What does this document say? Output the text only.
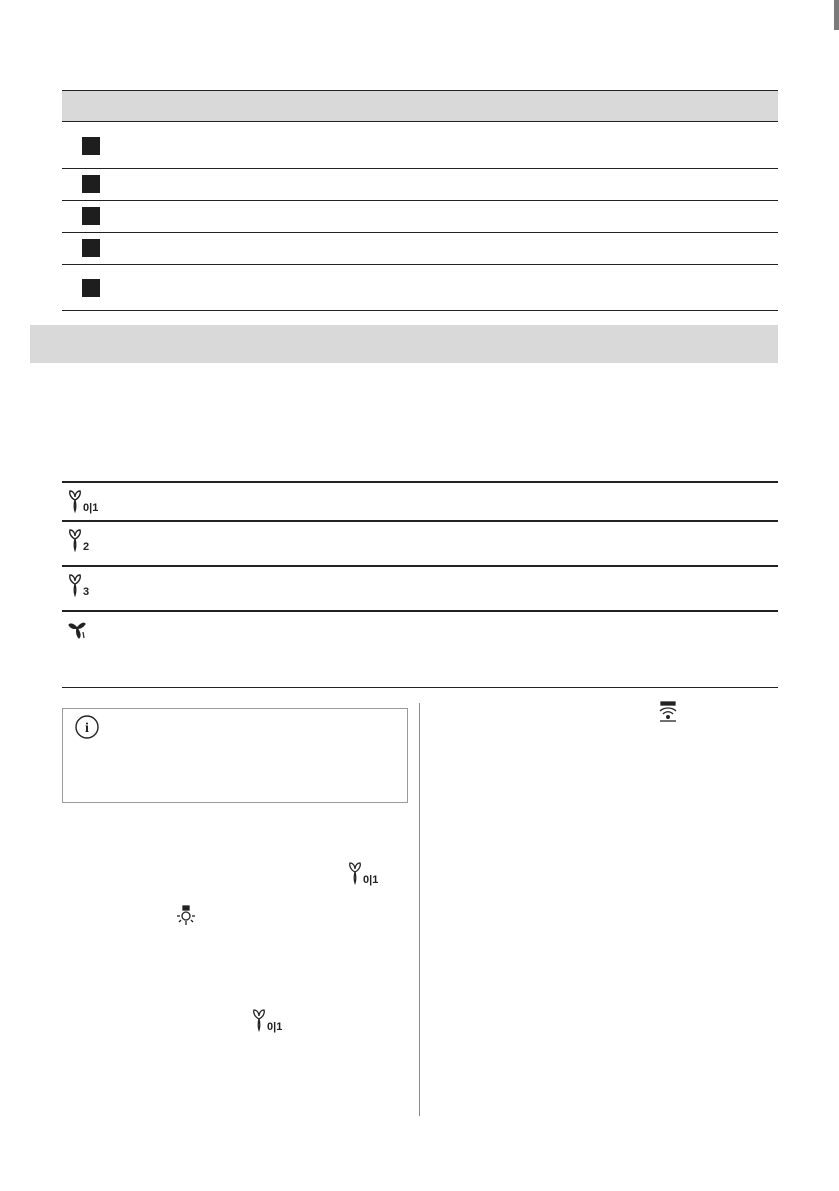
0|1
2
3
i
0|1
0|1
